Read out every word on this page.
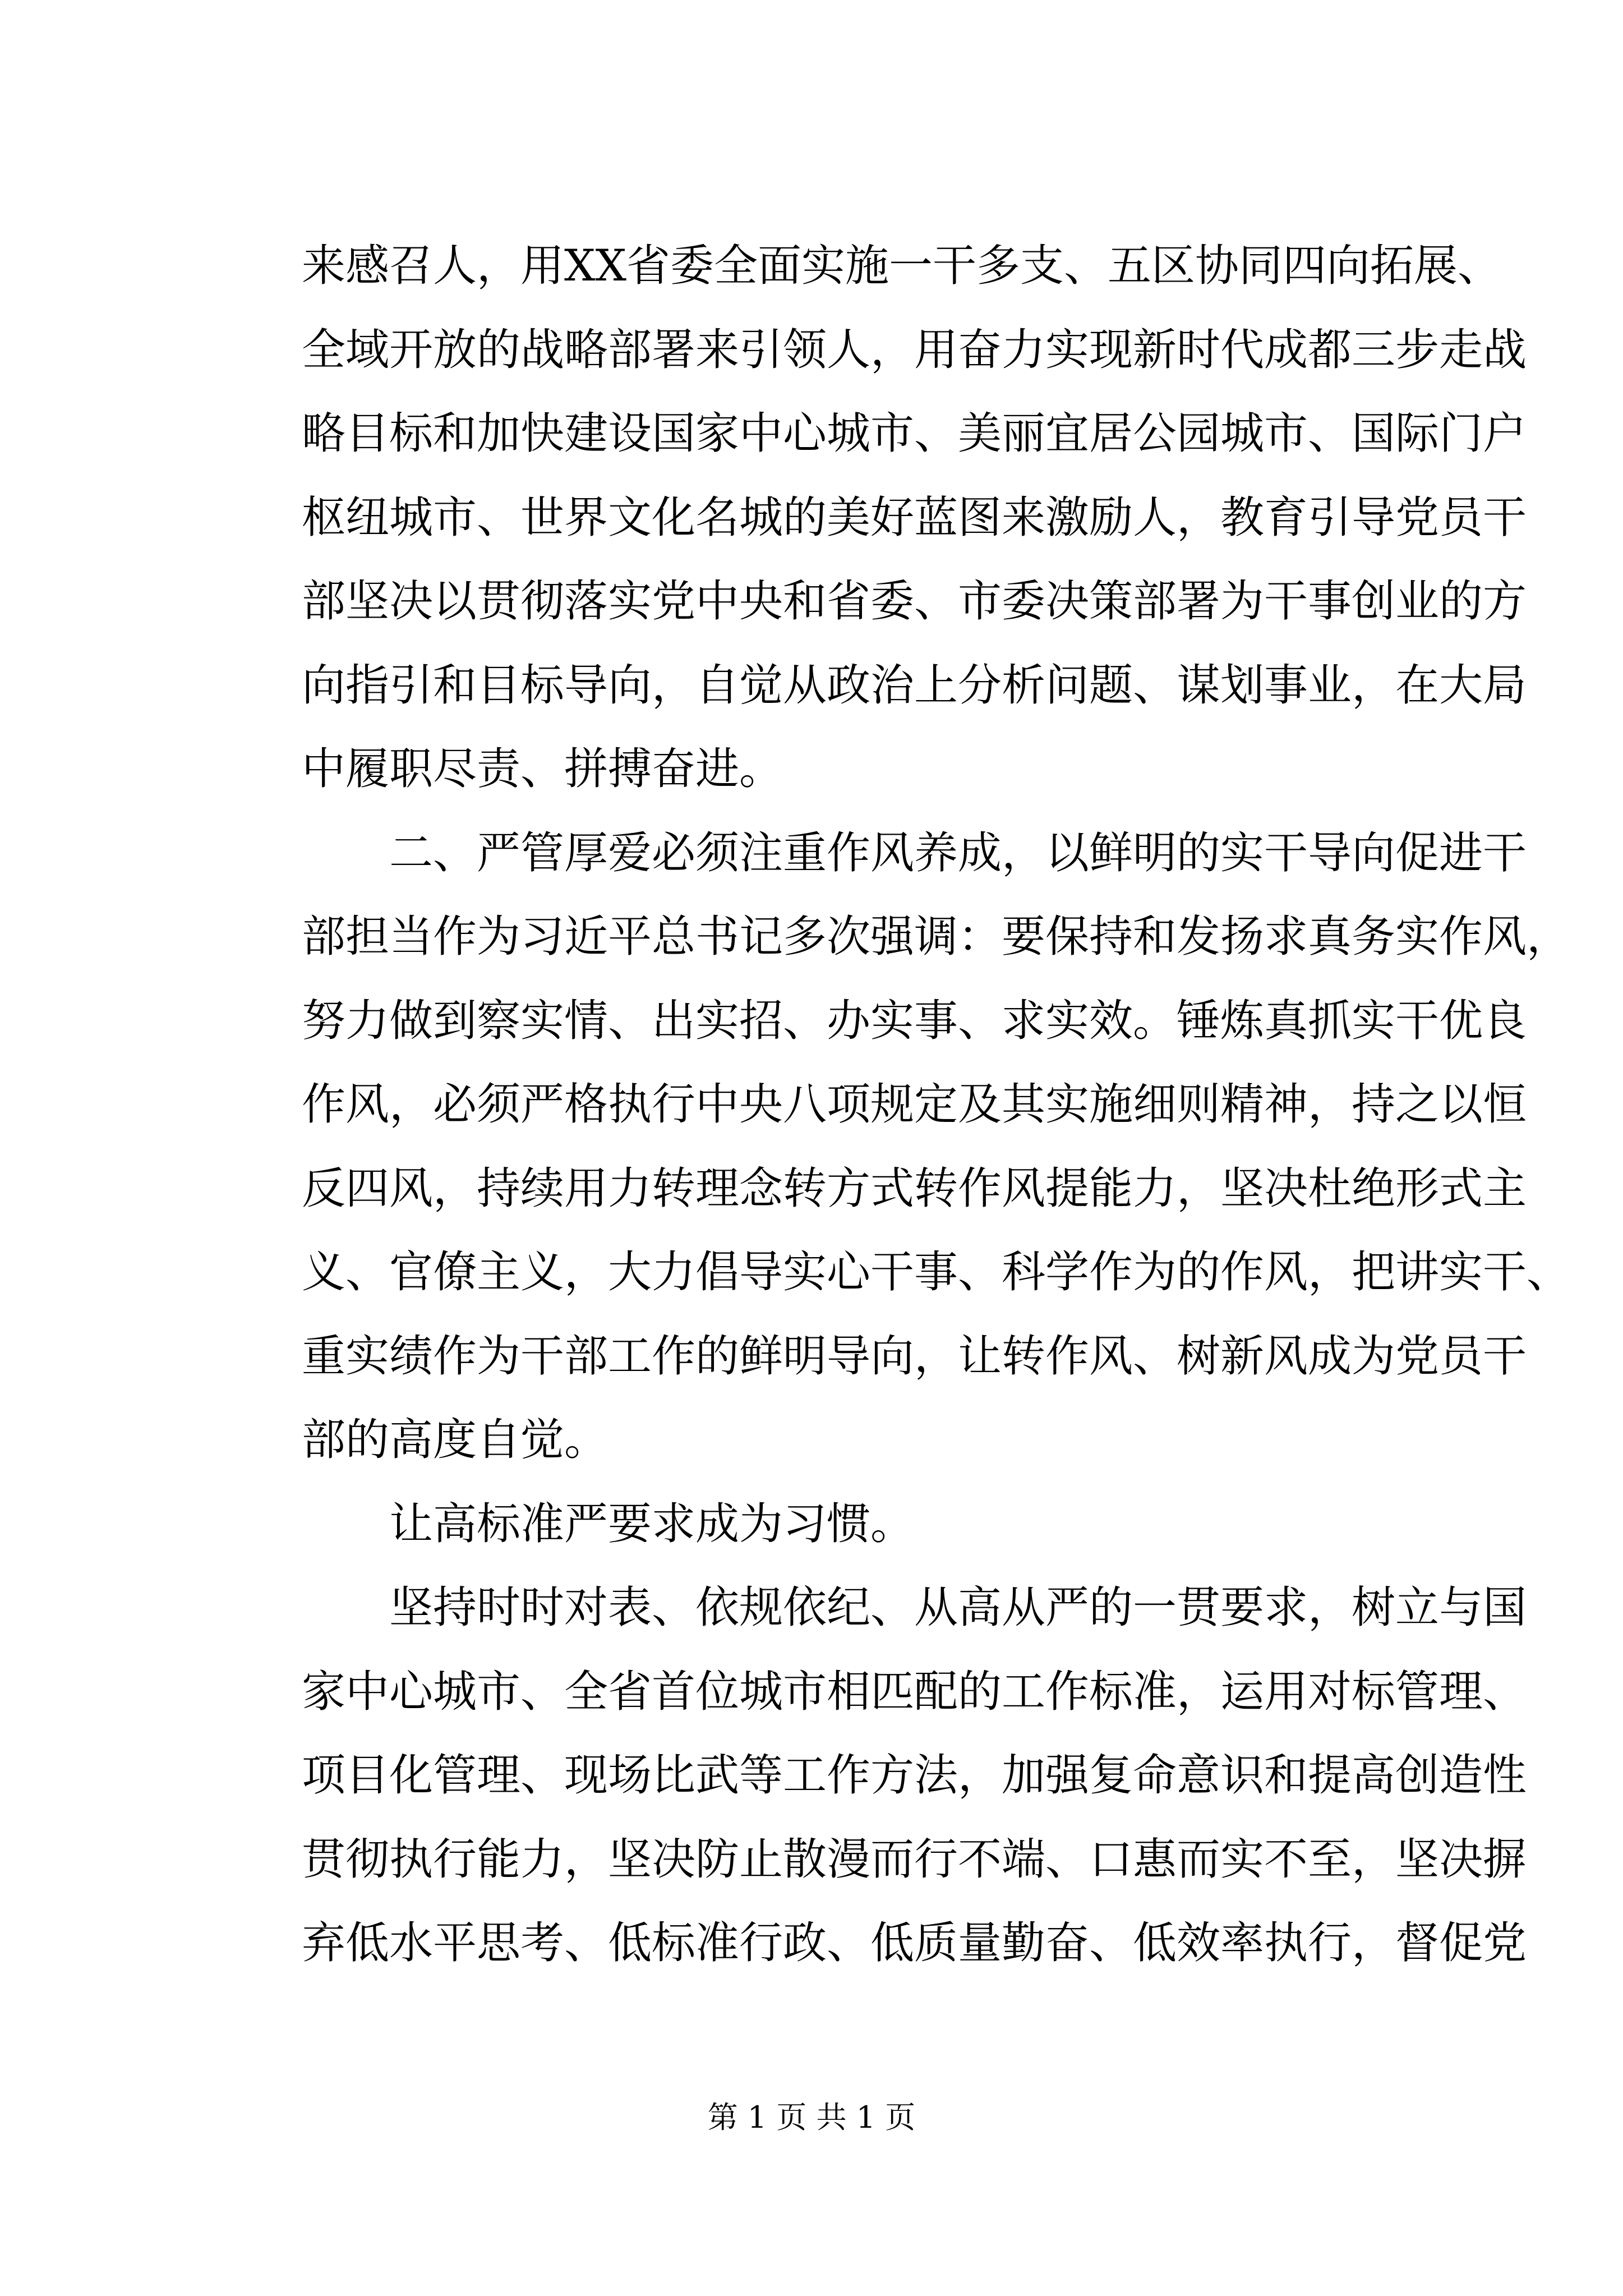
来感召人，用XX省委全面实施一干多支、五区协同四向拓展、
全域开放的战略部署来引领人，用奋力实现新时代成都三步走战
略目标和加快建设国家中心城市、美丽宜居公园城市、国际门户
枢纽城市、世界文化名城的美好蓝图来激励人，教育引导党员干
部坚决以贯彻落实党中央和省委、市委决策部署为干事创业的方
向指引和目标导向，自觉从政治上分析问题、谋划事业，在大局
中履职尽责、拼搏奋进。
二、严管厚爱必须注重作风养成，以鲜明的实干导向促进干
部担当作为习近平总书记多次强调：要保持和发扬求真务实作风，
努力做到察实情、出实招、办实事、求实效。锤炼真抓实干优良
作风，必须严格执行中央八项规定及其实施细则精神，持之以恒
反四风，持续用力转理念转方式转作风提能力，坚决杜绝形式主
义、官僚主义，大力倡导实心干事、科学作为的作风，把讲实干、
重实绩作为干部工作的鲜明导向，让转作风、树新风成为党员干
部的高度自觉。
让高标准严要求成为习惯。
坚持时时对表、依规依纪、从高从严的一贯要求，树立与国
家中心城市、全省首位城市相匹配的工作标准，运用对标管理、
项目化管理、现场比武等工作方法，加强复命意识和提高创造性
贯彻执行能力，坚决防止散漫而行不端、口惠而实不至，坚决摒
弃低水平思考、低标准行政、低质量勤奋、低效率执行，督促党
第 1 页 共 1 页
